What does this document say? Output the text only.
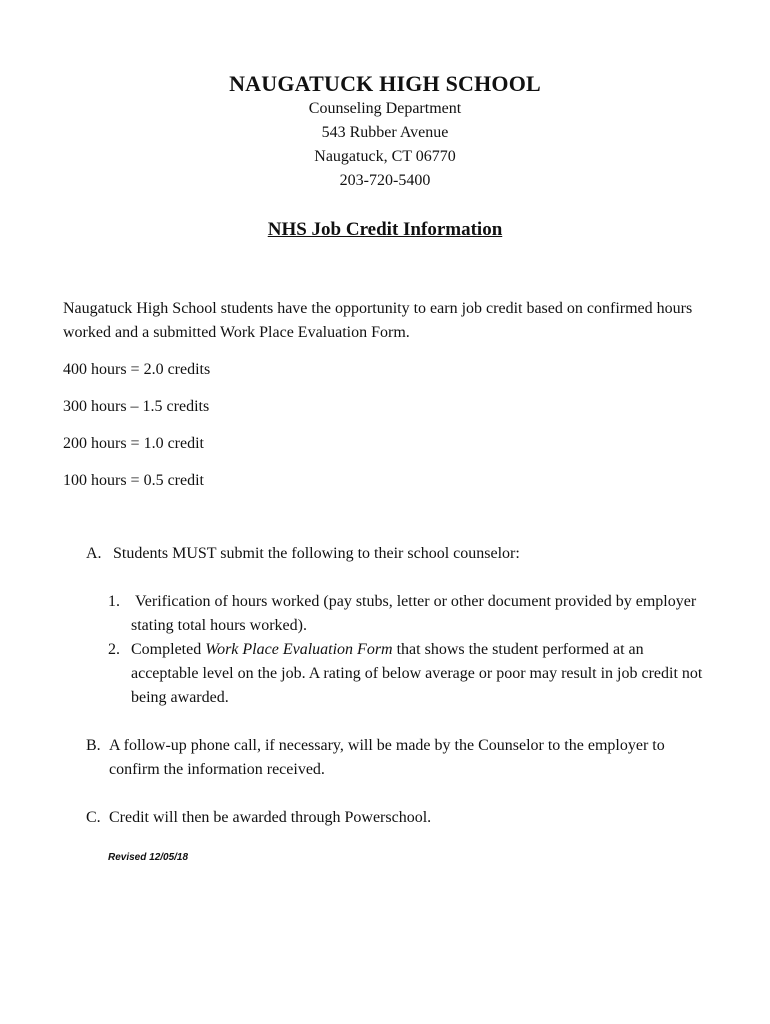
NAUGATUCK HIGH SCHOOL
Counseling Department
543 Rubber Avenue
Naugatuck, CT 06770
203-720-5400
NHS Job Credit Information
Naugatuck High School students have the opportunity to earn job credit based on confirmed hours worked and a submitted Work Place Evaluation Form.
400 hours = 2.0 credits
300 hours – 1.5 credits
200 hours = 1.0 credit
100 hours = 0.5 credit
A. Students MUST submit the following to their school counselor:
1. Verification of hours worked (pay stubs, letter or other document provided by employer stating total hours worked).
2. Completed Work Place Evaluation Form that shows the student performed at an acceptable level on the job. A rating of below average or poor may result in job credit not being awarded.
B. A follow-up phone call, if necessary, will be made by the Counselor to the employer to confirm the information received.
C. Credit will then be awarded through Powerschool.
Revised 12/05/18
